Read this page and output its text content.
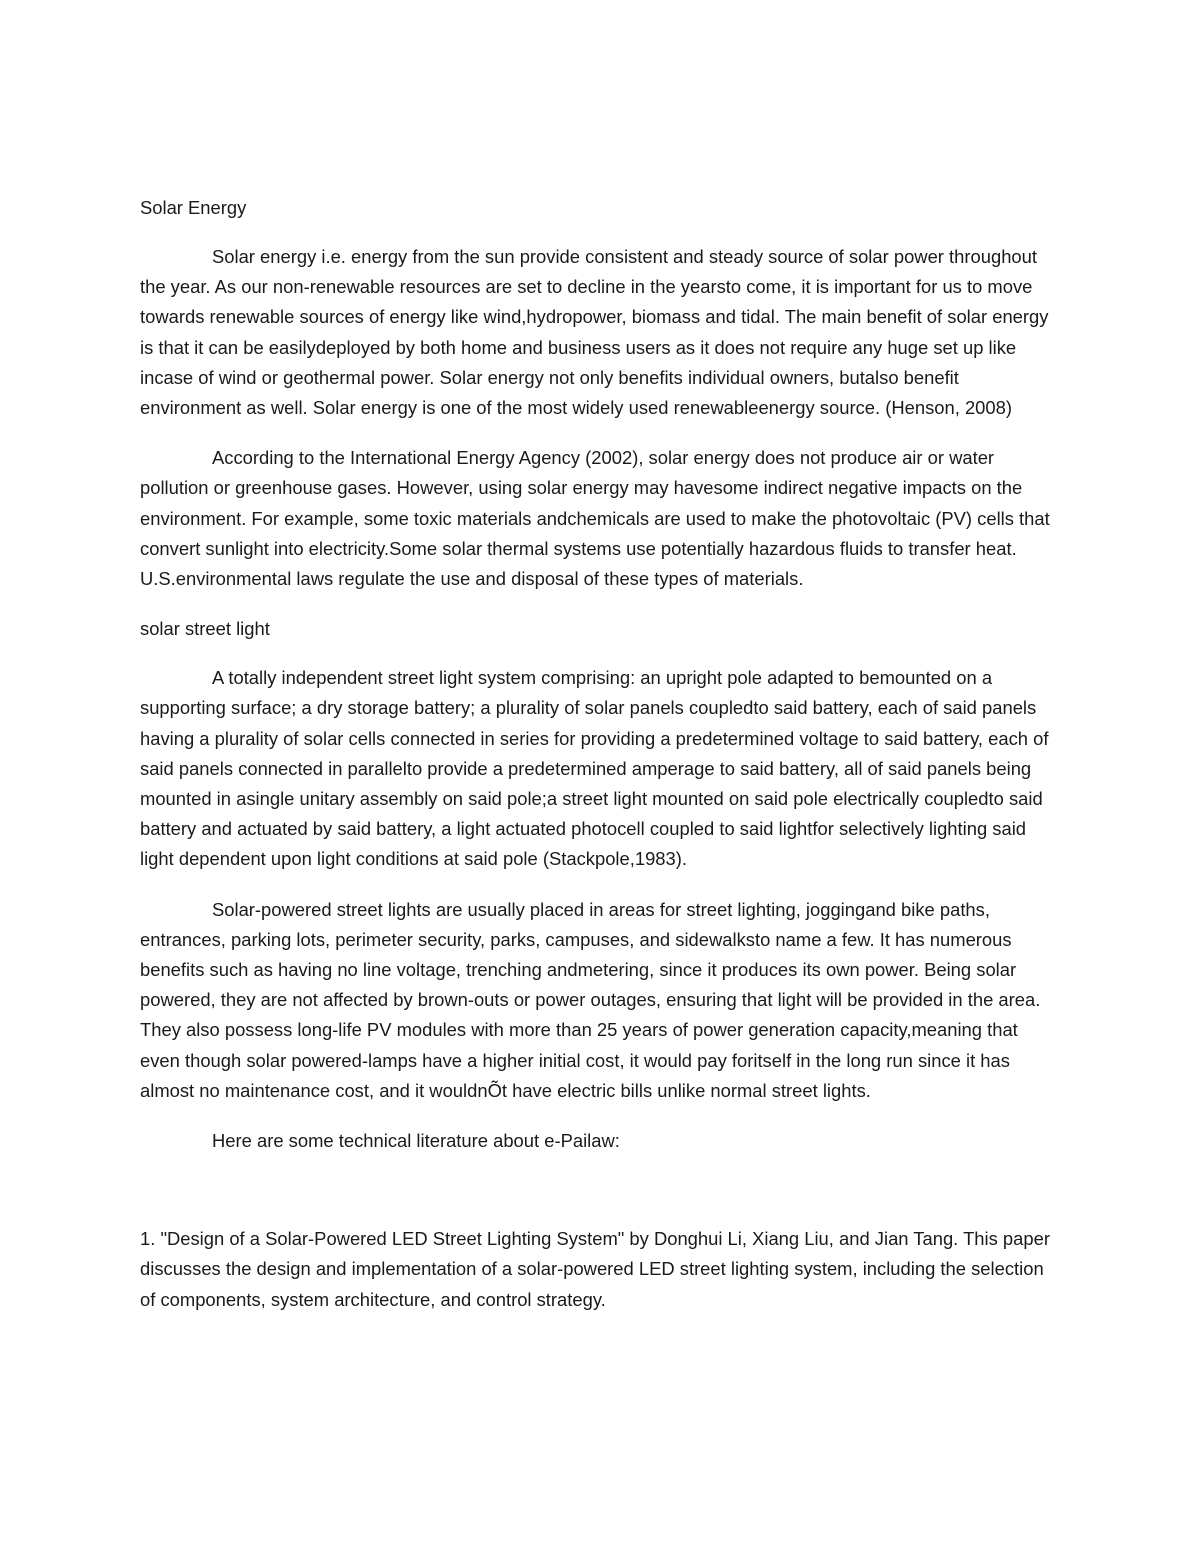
Solar Energy

Solar energy i.e. energy from the sun provide consistent and steady source of solar power throughout the year. As our non-renewable resources are set to decline in the yearsto come, it is important for us to move towards renewable sources of energy like wind,hydropower, biomass and tidal. The main benefit of solar energy is that it can be easilydeployed by both home and business users as it does not require any huge set up like incase of wind or geothermal power. Solar energy not only benefits individual owners, butalso benefit environment as well. Solar energy is one of the most widely used renewableenergy source. (Henson, 2008)

According to the International Energy Agency (2002), solar energy does not produce air or water pollution or greenhouse gases. However, using solar energy may havesome indirect negative impacts on the environment. For example, some toxic materials andchemicals are used to make the photovoltaic (PV) cells that convert sunlight into electricity.Some solar thermal systems use potentially hazardous fluids to transfer heat. U.S.environmental laws regulate the use and disposal of these types of materials.

solar street light

A totally independent street light system comprising: an upright pole adapted to bemounted on a supporting surface; a dry storage battery; a plurality of solar panels coupledto said battery, each of said panels having a plurality of solar cells connected in series for providing a predetermined voltage to said battery, each of said panels connected in parallelto provide a predetermined amperage to said battery, all of said panels being mounted in asingle unitary assembly on said pole;a street light mounted on said pole electrically coupledto said battery and actuated by said battery, a light actuated photocell coupled to said lightfor selectively lighting said light dependent upon light conditions at said pole (Stackpole,1983).

Solar-powered street lights are usually placed in areas for street lighting, joggingand bike paths, entrances, parking lots, perimeter security, parks, campuses, and sidewalksto name a few. It has numerous benefits such as having no line voltage, trenching andmetering, since it produces its own power. Being solar powered, they are not affected by brown-outs or power outages, ensuring that light will be provided in the area. They also possess long-life PV modules with more than 25 years of power generation capacity,meaning that even though solar powered-lamps have a higher initial cost, it would pay foritself in the long run since it has almost no maintenance cost, and it wouldnÕt have electric bills unlike normal street lights.

Here are some technical literature about e-Pailaw:

1. "Design of a Solar-Powered LED Street Lighting System" by Donghui Li, Xiang Liu, and Jian Tang. This paper discusses the design and implementation of a solar-powered LED street lighting system, including the selection of components, system architecture, and control strategy.
